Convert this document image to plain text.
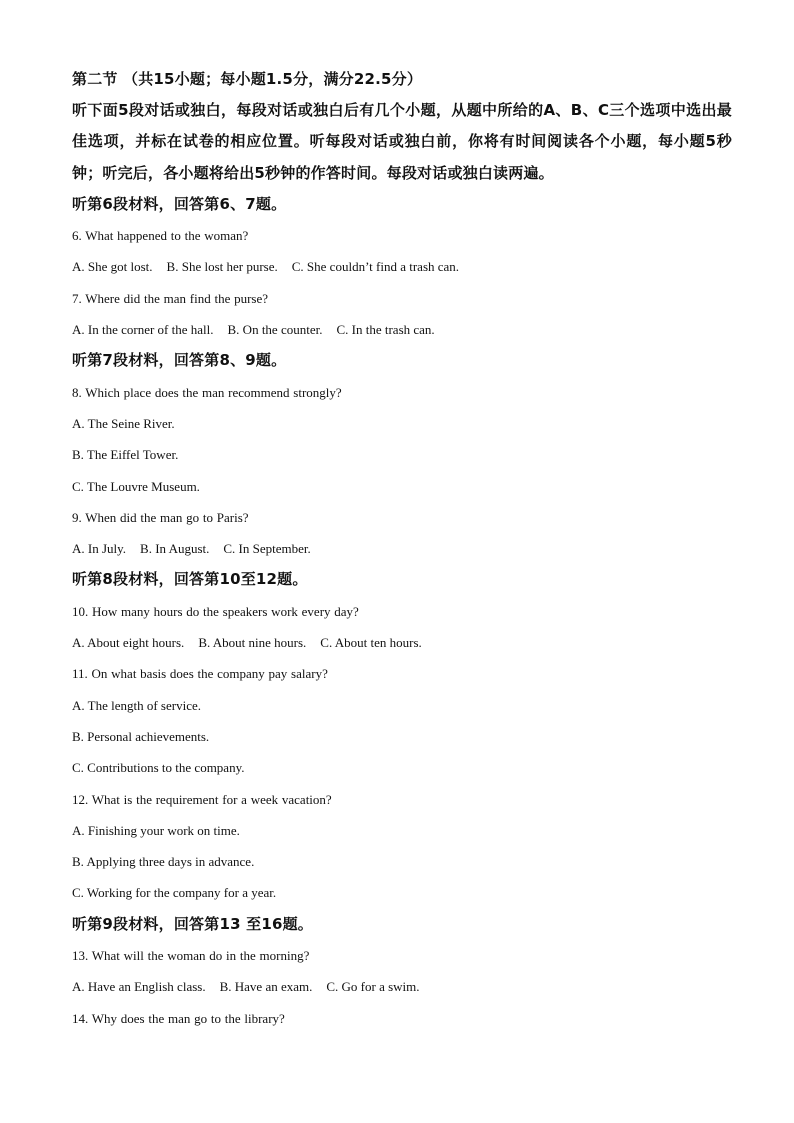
第二节 （共15小题；每小题1.5分，满分22.5分）
听下面5段对话或独白，每段对话或独白后有几个小题，从题中所给的A、B、C三个选项中选出最佳选项，并标在试卷的相应位置。听每段对话或独白前，你将有时间阅读各个小题，每小题5秒钟；听完后，各小题将给出5秒钟的作答时间。每段对话或独白读两遍。
听第6段材料，回答第6、7题。
6. What happened to the woman?
A. She got lost. B. She lost her purse. C. She couldn’t find a trash can.
7. Where did the man find the purse?
A. In the corner of the hall. B. On the counter. C. In the trash can.
听第7段材料，回答第8、9题。
8. Which place does the man recommend strongly?
A. The Seine River.
B. The Eiffel Tower.
C. The Louvre Museum.
9. When did the man go to Paris?
A. In July. B. In August. C. In September.
听第8段材料，回答第10至12题。
10. How many hours do the speakers work every day?
A. About eight hours. B. About nine hours. C. About ten hours.
11. On what basis does the company pay salary?
A. The length of service.
B. Personal achievements.
C. Contributions to the company.
12. What is the requirement for a week vacation?
A. Finishing your work on time.
B. Applying three days in advance.
C. Working for the company for a year.
听第9段材料，回答第13 至16题。
13. What will the woman do in the morning?
A. Have an English class. B. Have an exam. C. Go for a swim.
14. Why does the man go to the library?
